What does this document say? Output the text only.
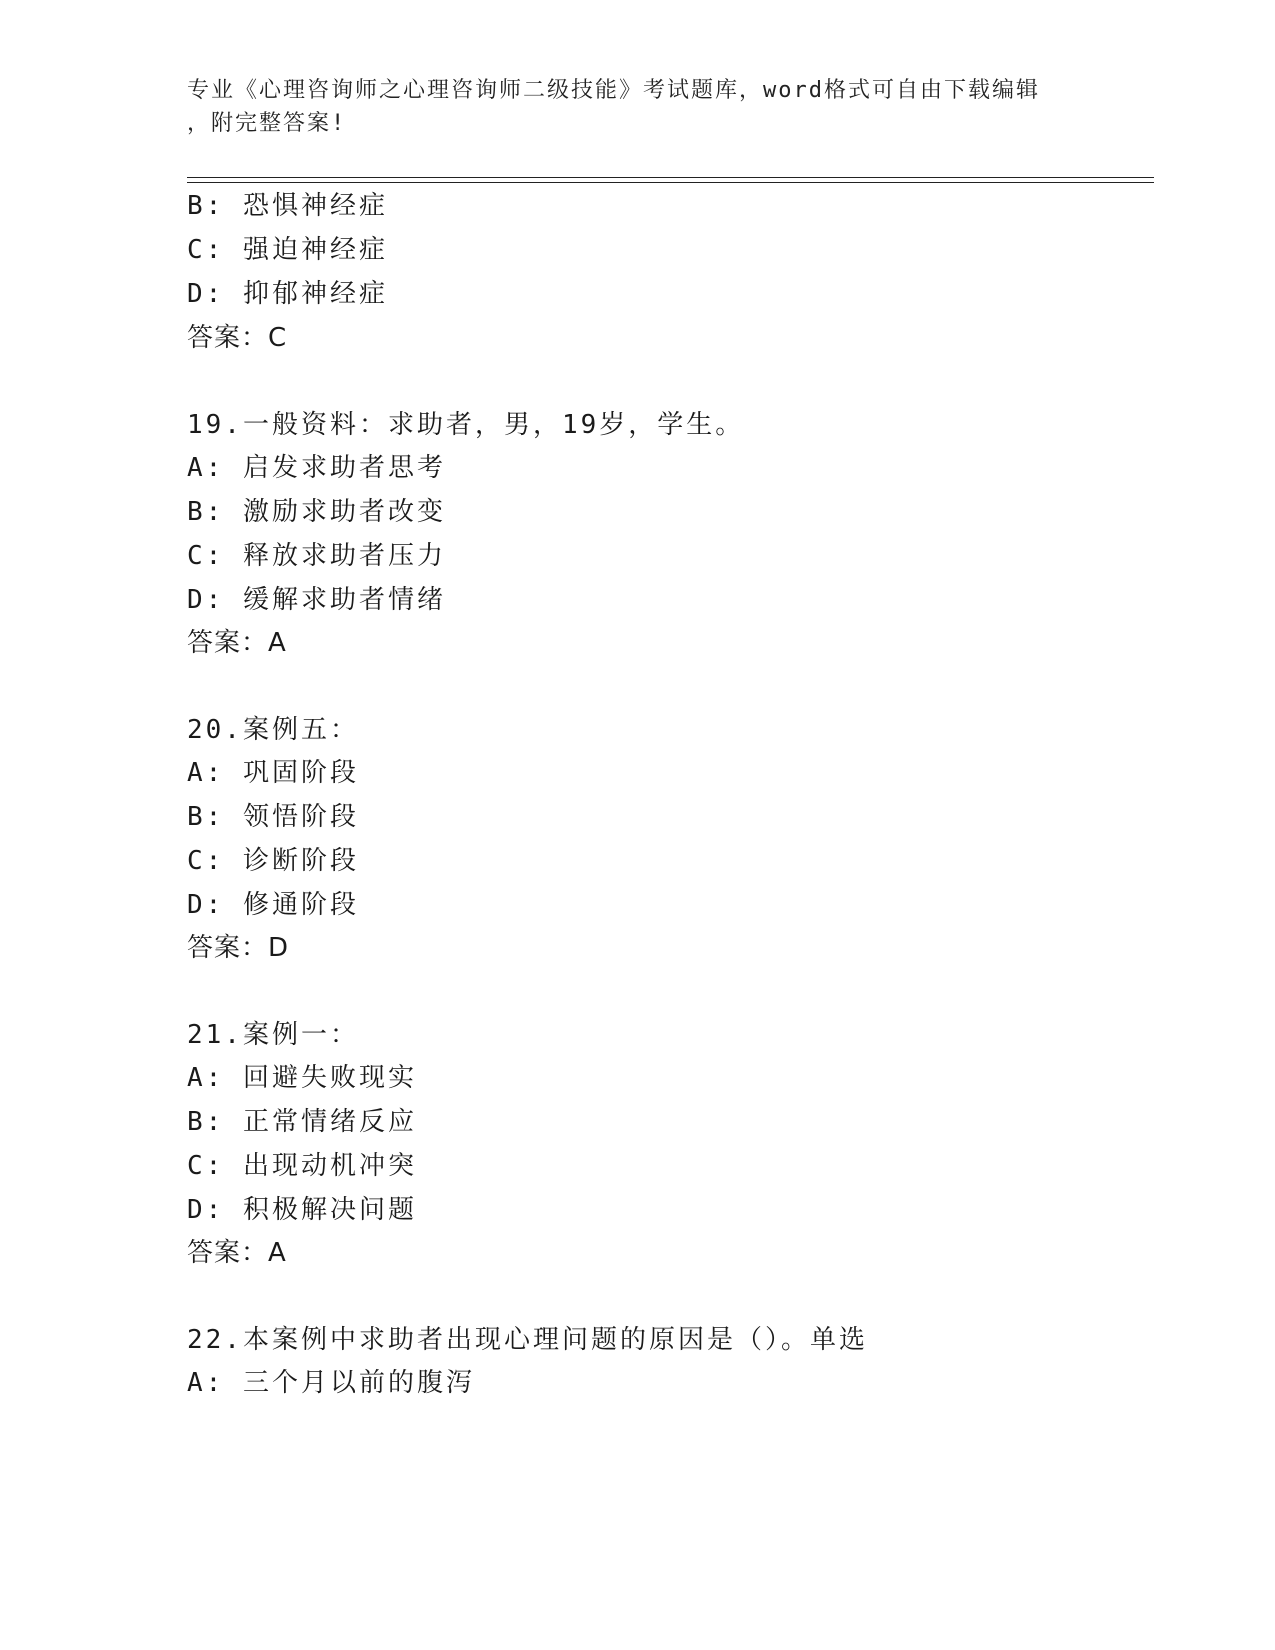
专业《心理咨询师之心理咨询师二级技能》考试题库，word格式可自由下载编辑
，附完整答案!
B: 恐惧神经症
C: 强迫神经症
D: 抑郁神经症
答案：C
19.一般资料：求助者，男，19岁，学生。
A: 启发求助者思考
B: 激励求助者改变
C: 释放求助者压力
D: 缓解求助者情绪
答案：A
20.案例五：
A: 巩固阶段
B: 领悟阶段
C: 诊断阶段
D: 修通阶段
答案：D
21.案例一：
A: 回避失败现实
B: 正常情绪反应
C: 出现动机冲突
D: 积极解决问题
答案：A
22.本案例中求助者出现心理问题的原因是（）。单选
A: 三个月以前的腹泻
